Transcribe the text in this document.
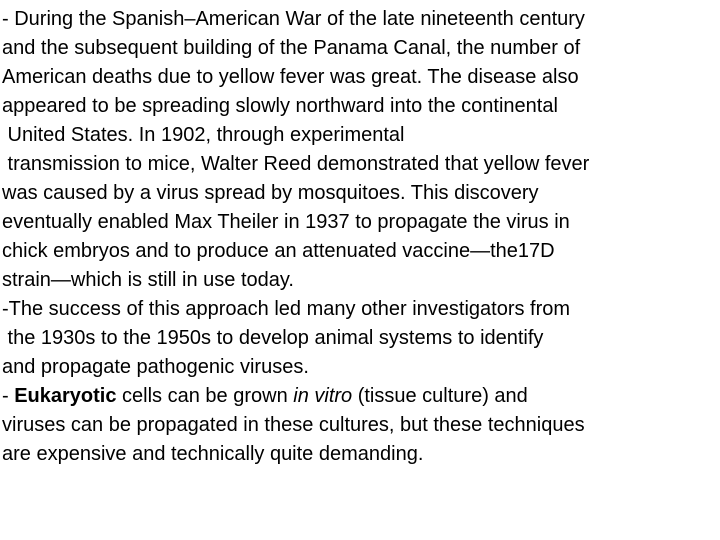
- During the Spanish–American War of the late nineteenth century
and the subsequent building of the Panama Canal, the number of
American deaths due to yellow fever was great. The disease also
appeared to be spreading slowly northward into the continental
United States. In 1902, through experimental
transmission to mice, Walter Reed demonstrated that yellow fever
was caused by a virus spread by mosquitoes. This discovery
eventually enabled Max Theiler in 1937 to propagate the virus in
chick embryos and to produce an attenuated vaccine—the17D
strain—which is still in use today.
-The success of this approach led many other investigators from
the 1930s to the 1950s to develop animal systems to identify
and propagate pathogenic viruses.
- Eukaryotic cells can be grown in vitro (tissue culture) and
viruses can be propagated in these cultures, but these techniques
are expensive and technically quite demanding.
